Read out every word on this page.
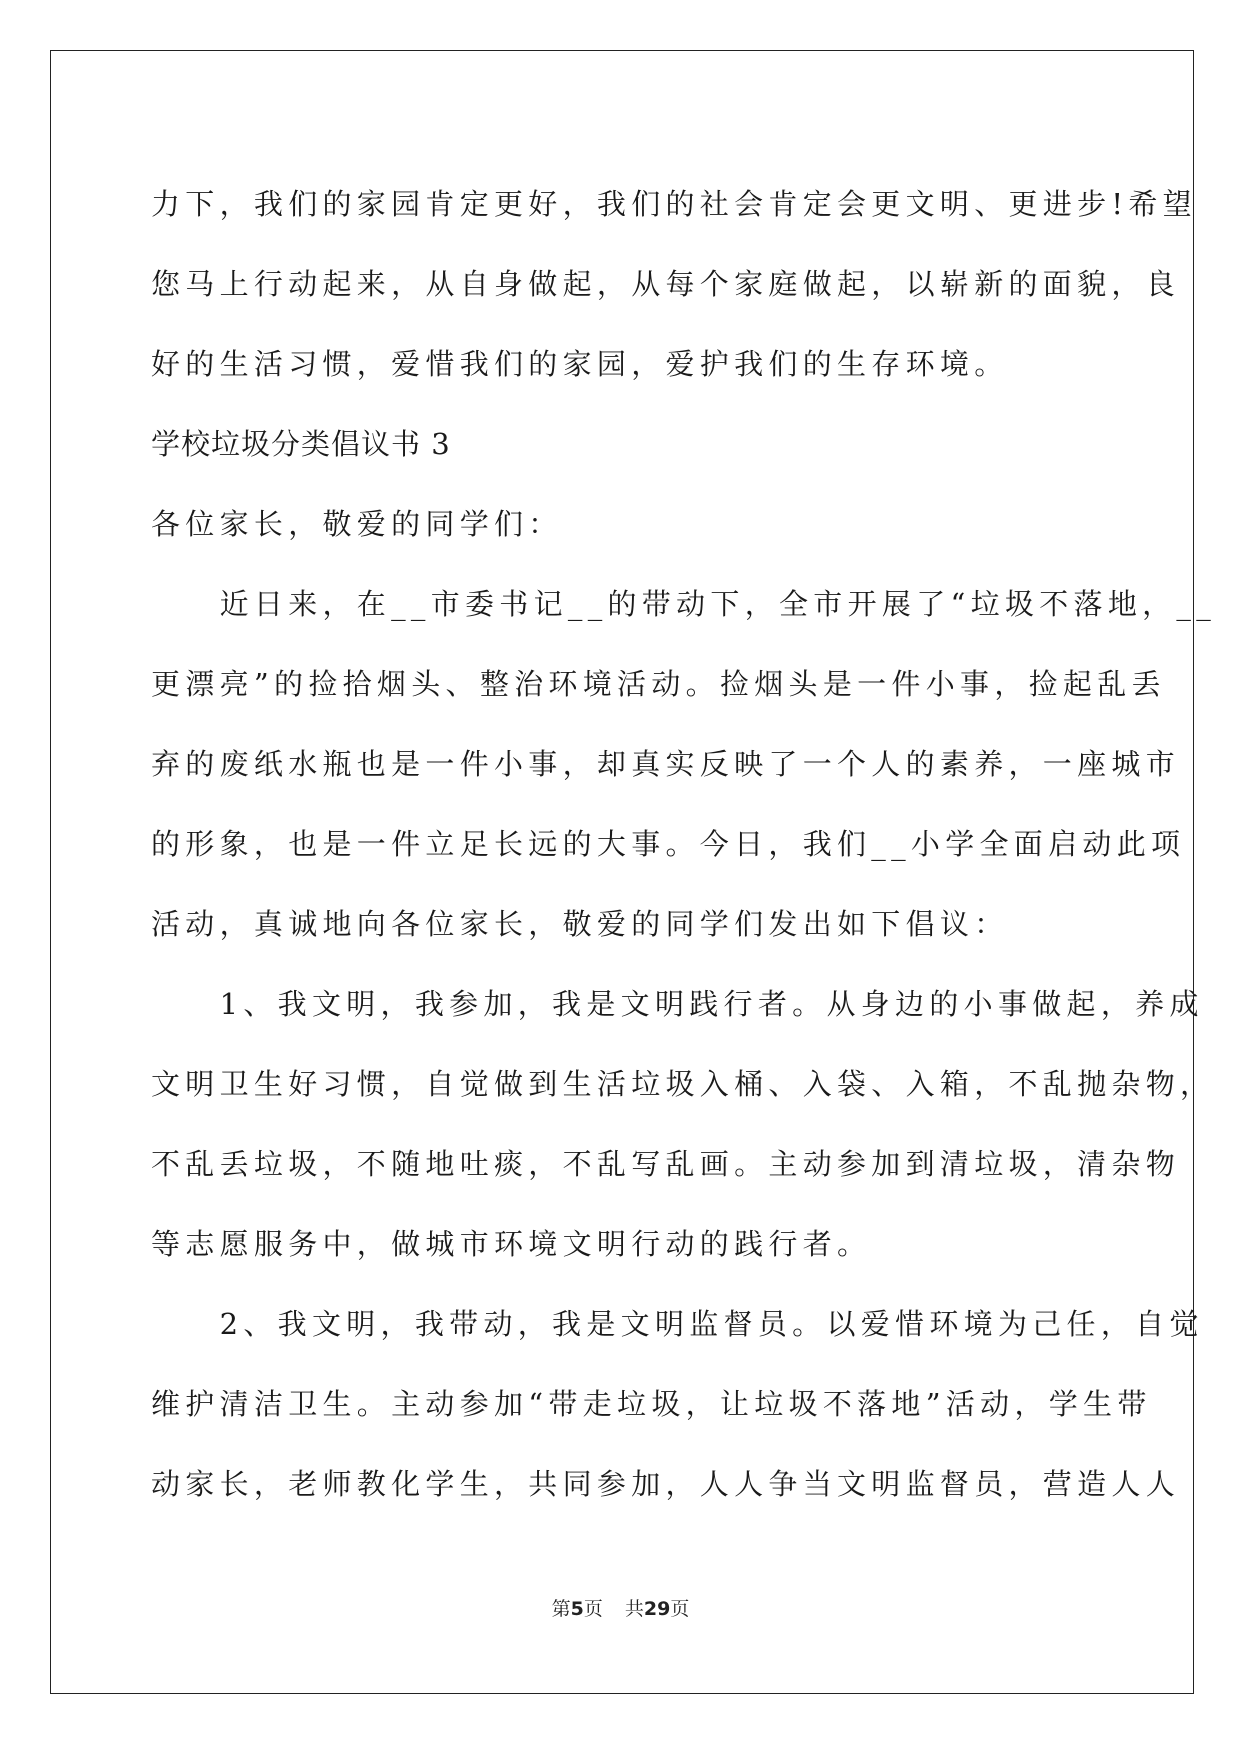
力下，我们的家园肯定更好，我们的社会肯定会更文明、更进步!希望

您马上行动起来，从自身做起，从每个家庭做起，以崭新的面貌，良

好的生活习惯，爱惜我们的家园，爱护我们的生存环境。

学校垃圾分类倡议书 3

各位家长，敬爱的同学们：

　　近日来，在__市委书记__的带动下，全市开展了“垃圾不落地，__

更漂亮”的捡拾烟头、整治环境活动。捡烟头是一件小事，捡起乱丢

弃的废纸水瓶也是一件小事，却真实反映了一个人的素养，一座城市

的形象，也是一件立足长远的大事。今日，我们__小学全面启动此项

活动，真诚地向各位家长，敬爱的同学们发出如下倡议：

　　1、我文明，我参加，我是文明践行者。从身边的小事做起，养成

文明卫生好习惯，自觉做到生活垃圾入桶、入袋、入箱，不乱抛杂物，

不乱丢垃圾，不随地吐痰，不乱写乱画。主动参加到清垃圾，清杂物

等志愿服务中，做城市环境文明行动的践行者。

　　2、我文明，我带动，我是文明监督员。以爱惜环境为己任，自觉

维护清洁卫生。主动参加“带走垃圾，让垃圾不落地”活动，学生带

动家长，老师教化学生，共同参加，人人争当文明监督员，营造人人

第5页 共29页
